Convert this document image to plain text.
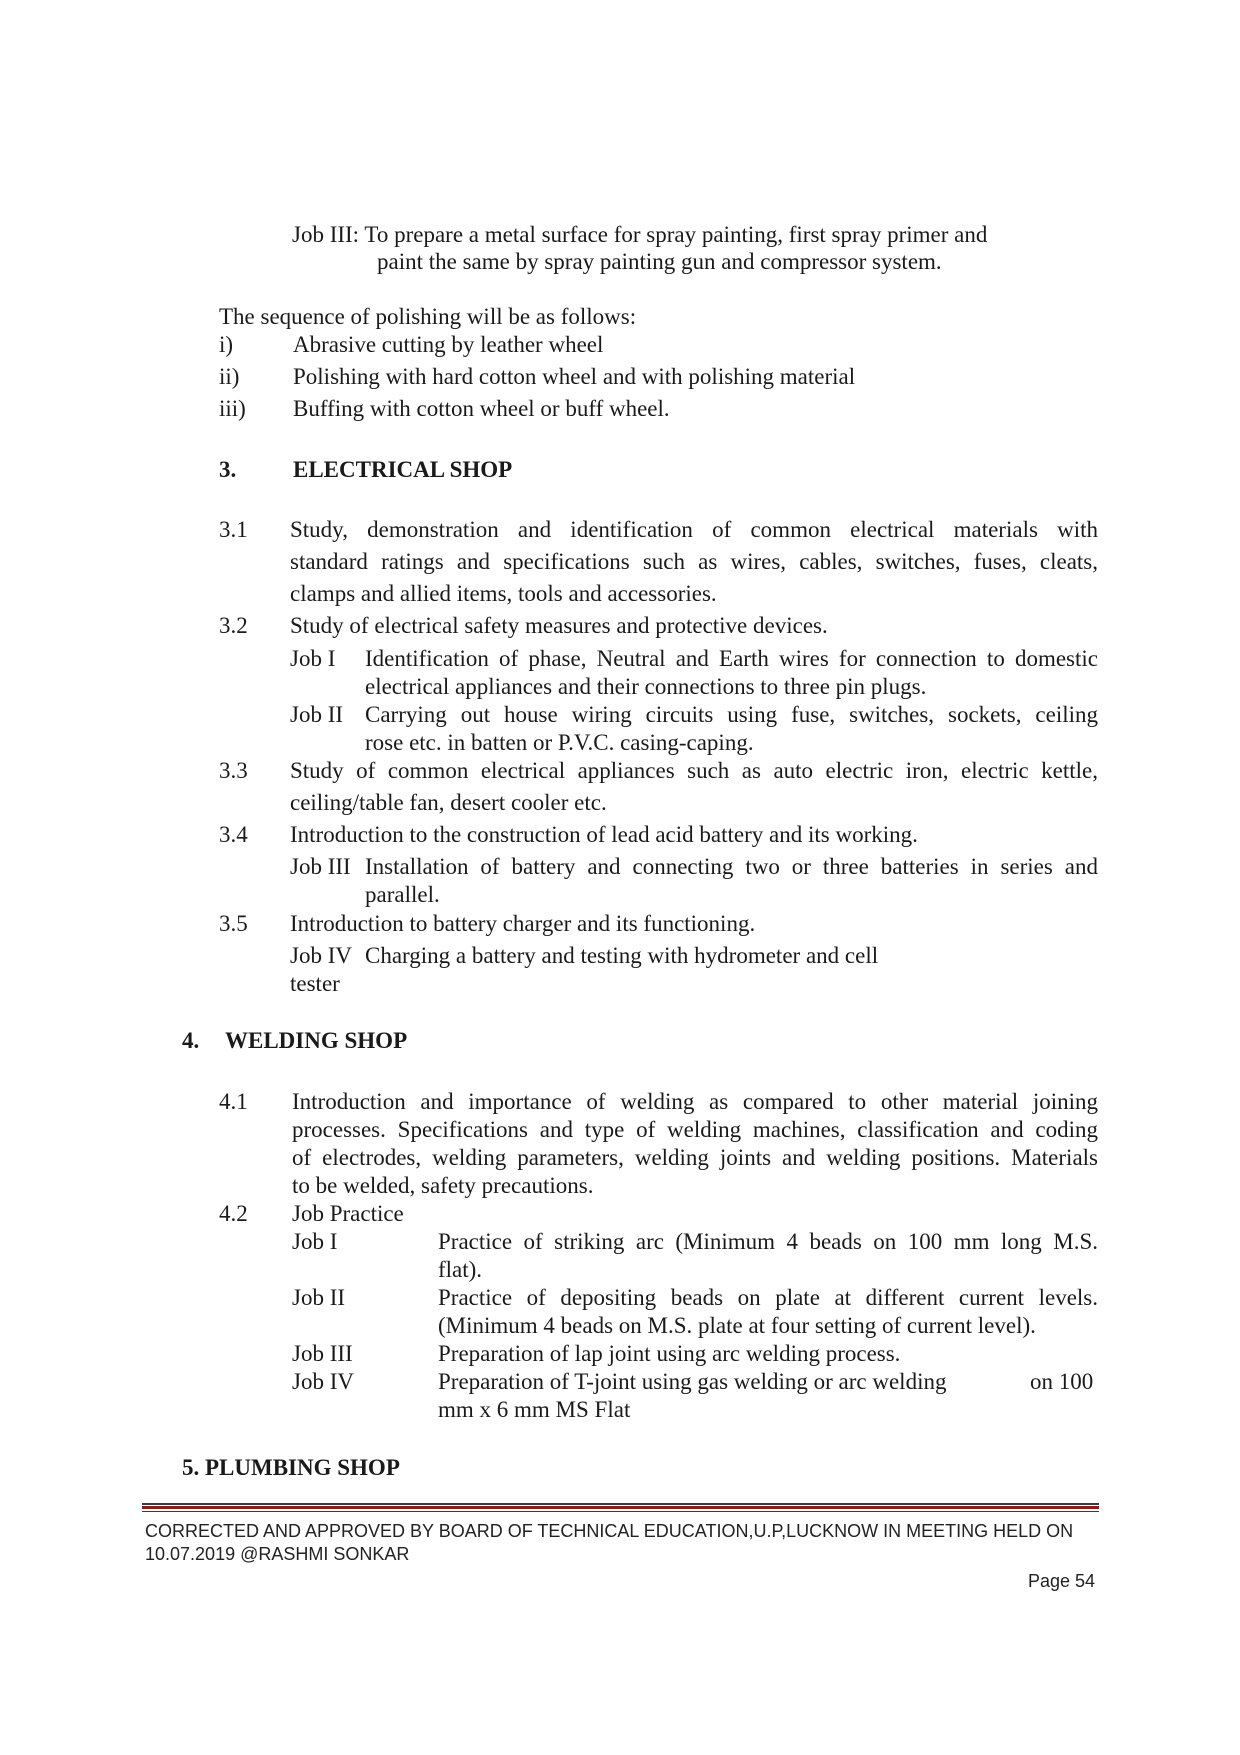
Job III: To prepare a metal surface for spray painting, first spray primer and
paint the same by spray painting gun and compressor system.
The sequence of polishing will be as follows:
i)	Abrasive cutting by leather wheel
ii) Polishing with hard cotton wheel and with polishing material
iii) Buffing with cotton wheel or buff wheel.
3. ELECTRICAL SHOP
3.1 Study, demonstration and identification of common electrical materials with
standard ratings and specifications such as wires, cables, switches, fuses, cleats,
clamps and allied items, tools and accessories.
3.2 Study of electrical safety measures and protective devices.
Job I Identification of phase, Neutral and Earth wires for connection to domestic
electrical appliances and their connections to three pin plugs.
Job II Carrying out house wiring circuits using fuse, switches, sockets, ceiling
rose etc. in batten or P.V.C. casing-caping.
3.3 Study of common electrical appliances such as auto electric iron, electric kettle,
ceiling/table fan, desert cooler etc.
3.4 Introduction to the construction of lead acid battery and its working.
Job III Installation of battery and connecting two or three batteries in series and
parallel.
3.5 Introduction to battery charger and its functioning.
Job IV Charging a battery and testing with hydrometer and cell
tester
4. WELDING SHOP
4.1 Introduction and importance of welding as compared to other material joining
processes. Specifications and type of welding machines, classification and coding
of electrodes, welding parameters, welding joints and welding positions. Materials
to be welded, safety precautions.
4.2 Job Practice
Job I	Practice of striking arc (Minimum 4 beads on 100 mm long M.S.
flat).
Job II	Practice of depositing beads on plate at different current levels.
(Minimum 4 beads on M.S. plate at four setting of current level).
Job III	Preparation of lap joint using arc welding process.
Job IV	Preparation of T-joint using gas welding or arc welding	on 100
mm x 6 mm MS Flat
5. PLUMBING SHOP
CORRECTED AND APPROVED BY BOARD OF TECHNICAL EDUCATION,U.P,LUCKNOW IN MEETING HELD ON
10.07.2019 @RASHMI SONKAR
Page 54
